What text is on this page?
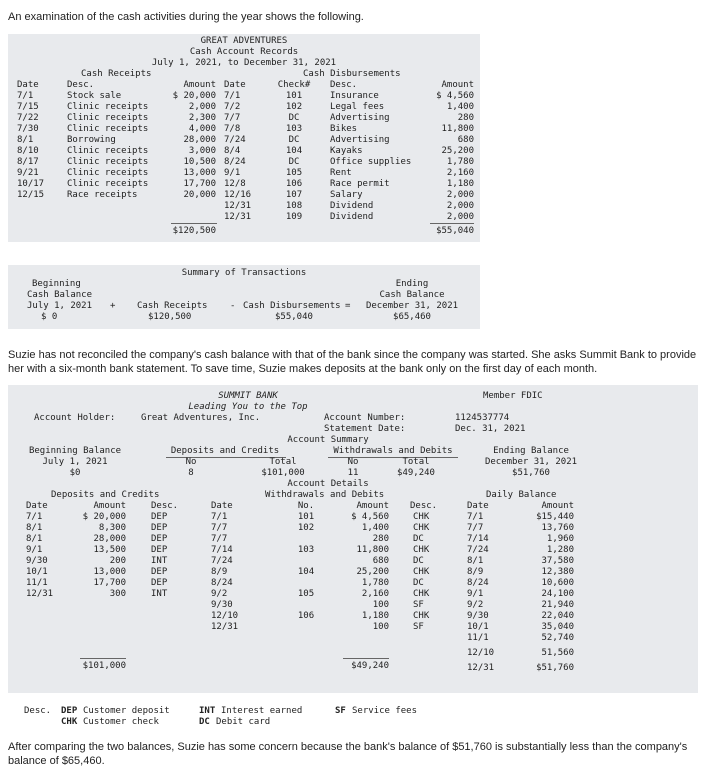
An examination of the cash activities during the year shows the following.
GREAT ADVENTURES
Cash Account Records
July 1, 2021, to December 31, 2021
Cash Receipts	Cash Disbursements
Date	Desc.	Amount Date	Check#	Desc.	Amount
7/1	Stock sale	$ 20,000
7/15	Clinic receipts	2,000
7/22	Clinic receipts	2,300
7/30	Clinic receipts	4,000
8/1	Borrowing	28,000
8/10	Clinic receipts	3,000
8/17	Clinic receipts	10,500
9/21	Clinic receipts	13,000
10/17	Clinic receipts	17,700
12/15	Race receipts	20,000
7/1	101	Insurance	$ 4,560
7/2	102	Legal fees	1,400
7/7	DC	Advertising	280
7/8	103	Bikes	11,800
7/24	DC	Advertising	680
8/4	104	Kayaks	25,200
8/24	DC	Office supplies	1,780
9/1	105	Rent	2,160
12/8	106	Race permit	1,180
12/16	107	Salary	2,000
12/31	108	Dividend	2,000
12/31	109	Dividend	2,000
$120,500	$55,040
Summary of Transactions
Beginning
Cash Balance
July 1, 2021
$ 0
+ Cash Receipts
$120,500
- Cash Disbursements
$55,040
=
Ending
Cash Balance
December 31, 2021
$65,460
Suzie has not reconciled the company's cash balance with that of the bank since the company was started. She asks Summit Bank to provide her with a six-month bank statement. To save time, Suzie makes deposits at the bank only on the first day of each month.
SUMMIT BANK
Leading You to the Top
Member FDIC
Account Holder:	Great Adventures, Inc.	Account Number:	1124537774
Statement Date:	Dec. 31, 2021
Account Summary
Beginning Balance
July 1, 2021
$0
Deposits and Credits
No	Total
8	$101,000
Withdrawals and Debits
No	Total
11	$49,240
Ending Balance
December 31, 2021
$51,760
Account Details
Deposits and Credits	Withdrawals and Debits	Daily Balance
Date	Amount	Desc.	Date	No.	Amount Desc.	Date	Amount
7/1	$ 20,000	DEP
8/1	8,300	DEP
8/1	28,000	DEP
9/1	13,500	DEP
9/30	200	INT
10/1	13,000	DEP
11/1	17,700	DEP
12/31	300	INT
7/1	101	$ 4,560	CHK
7/7	102	1,400	CHK
7/7	280	DC
7/14	103	11,800	CHK
7/24	680	DC
8/9	104	25,200	CHK
8/24	1,780	DC
9/2	105	2,160	CHK
9/30	100	SF
12/10	106	1,180	CHK
12/31	100	SF
7/1	$15,440
7/7	13,760
7/14	1,960
7/24	1,280
8/1	37,580
8/9	12,380
8/24	10,600
9/1	24,100
9/2	21,940
9/30	22,040
10/1	35,040
11/1	52,740
12/10	51,560
12/31	$51,760
$101,000	$49,240
Desc. DEP Customer deposit
CHK Customer check
INT Interest earned
DC Debit card
SF Service fees
After comparing the two balances, Suzie has some concern because the bank's balance of $51,760 is substantially less than the company's balance of $65,460.
